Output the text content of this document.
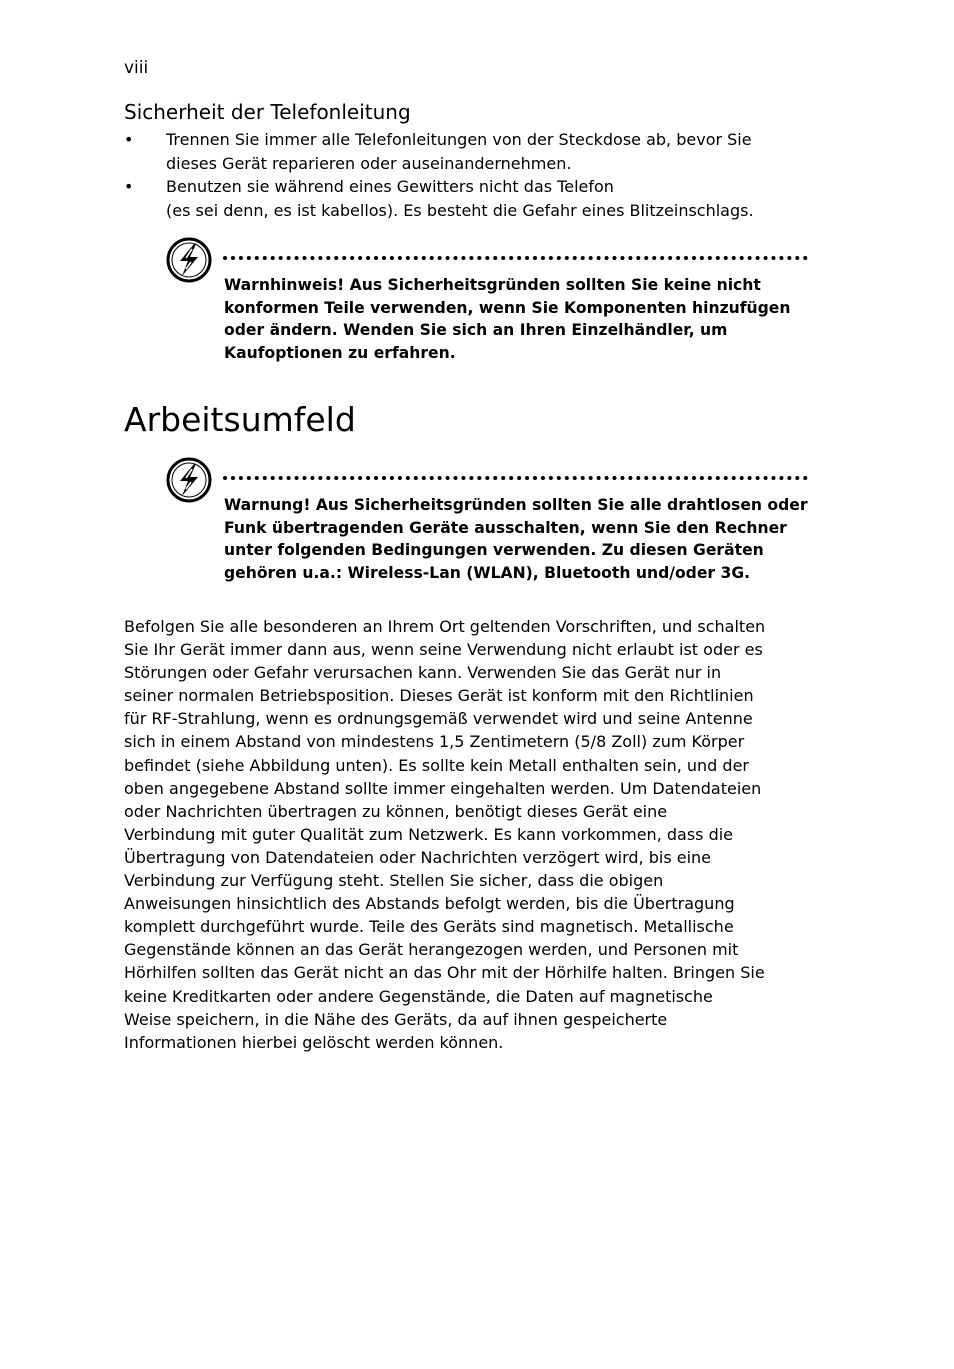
viii
Sicherheit der Telefonleitung
• Trennen Sie immer alle Telefonleitungen von der Steckdose ab, bevor Sie
dieses Gerät reparieren oder auseinandernehmen.
• Benutzen sie während eines Gewitters nicht das Telefon
(es sei denn, es ist kabellos). Es besteht die Gefahr eines Blitzeinschlags.
Warnhinweis! Aus Sicherheitsgründen sollten Sie keine nicht
konformen Teile verwenden, wenn Sie Komponenten hinzufügen
oder ändern. Wenden Sie sich an Ihren Einzelhändler, um
Kaufoptionen zu erfahren.
Arbeitsumfeld
Warnung! Aus Sicherheitsgründen sollten Sie alle drahtlosen oder
Funk übertragenden Geräte ausschalten, wenn Sie den Rechner
unter folgenden Bedingungen verwenden. Zu diesen Geräten
gehören u.a.: Wireless-Lan (WLAN), Bluetooth und/oder 3G.

Befolgen Sie alle besonderen an Ihrem Ort geltenden Vorschriften, und schalten
Sie Ihr Gerät immer dann aus, wenn seine Verwendung nicht erlaubt ist oder es
Störungen oder Gefahr verursachen kann. Verwenden Sie das Gerät nur in
seiner normalen Betriebsposition. Dieses Gerät ist konform mit den Richtlinien
für RF-Strahlung, wenn es ordnungsgemäß verwendet wird und seine Antenne
sich in einem Abstand von mindestens 1,5 Zentimetern (5/8 Zoll) zum Körper
befindet (siehe Abbildung unten). Es sollte kein Metall enthalten sein, und der
oben angegebene Abstand sollte immer eingehalten werden. Um Datendateien
oder Nachrichten übertragen zu können, benötigt dieses Gerät eine
Verbindung mit guter Qualität zum Netzwerk. Es kann vorkommen, dass die
Übertragung von Datendateien oder Nachrichten verzögert wird, bis eine
Verbindung zur Verfügung steht. Stellen Sie sicher, dass die obigen
Anweisungen hinsichtlich des Abstands befolgt werden, bis die Übertragung
komplett durchgeführt wurde. Teile des Geräts sind magnetisch. Metallische
Gegenstände können an das Gerät herangezogen werden, und Personen mit
Hörhilfen sollten das Gerät nicht an das Ohr mit der Hörhilfe halten. Bringen Sie
keine Kreditkarten oder andere Gegenstände, die Daten auf magnetische
Weise speichern, in die Nähe des Geräts, da auf ihnen gespeicherte
Informationen hierbei gelöscht werden können.
